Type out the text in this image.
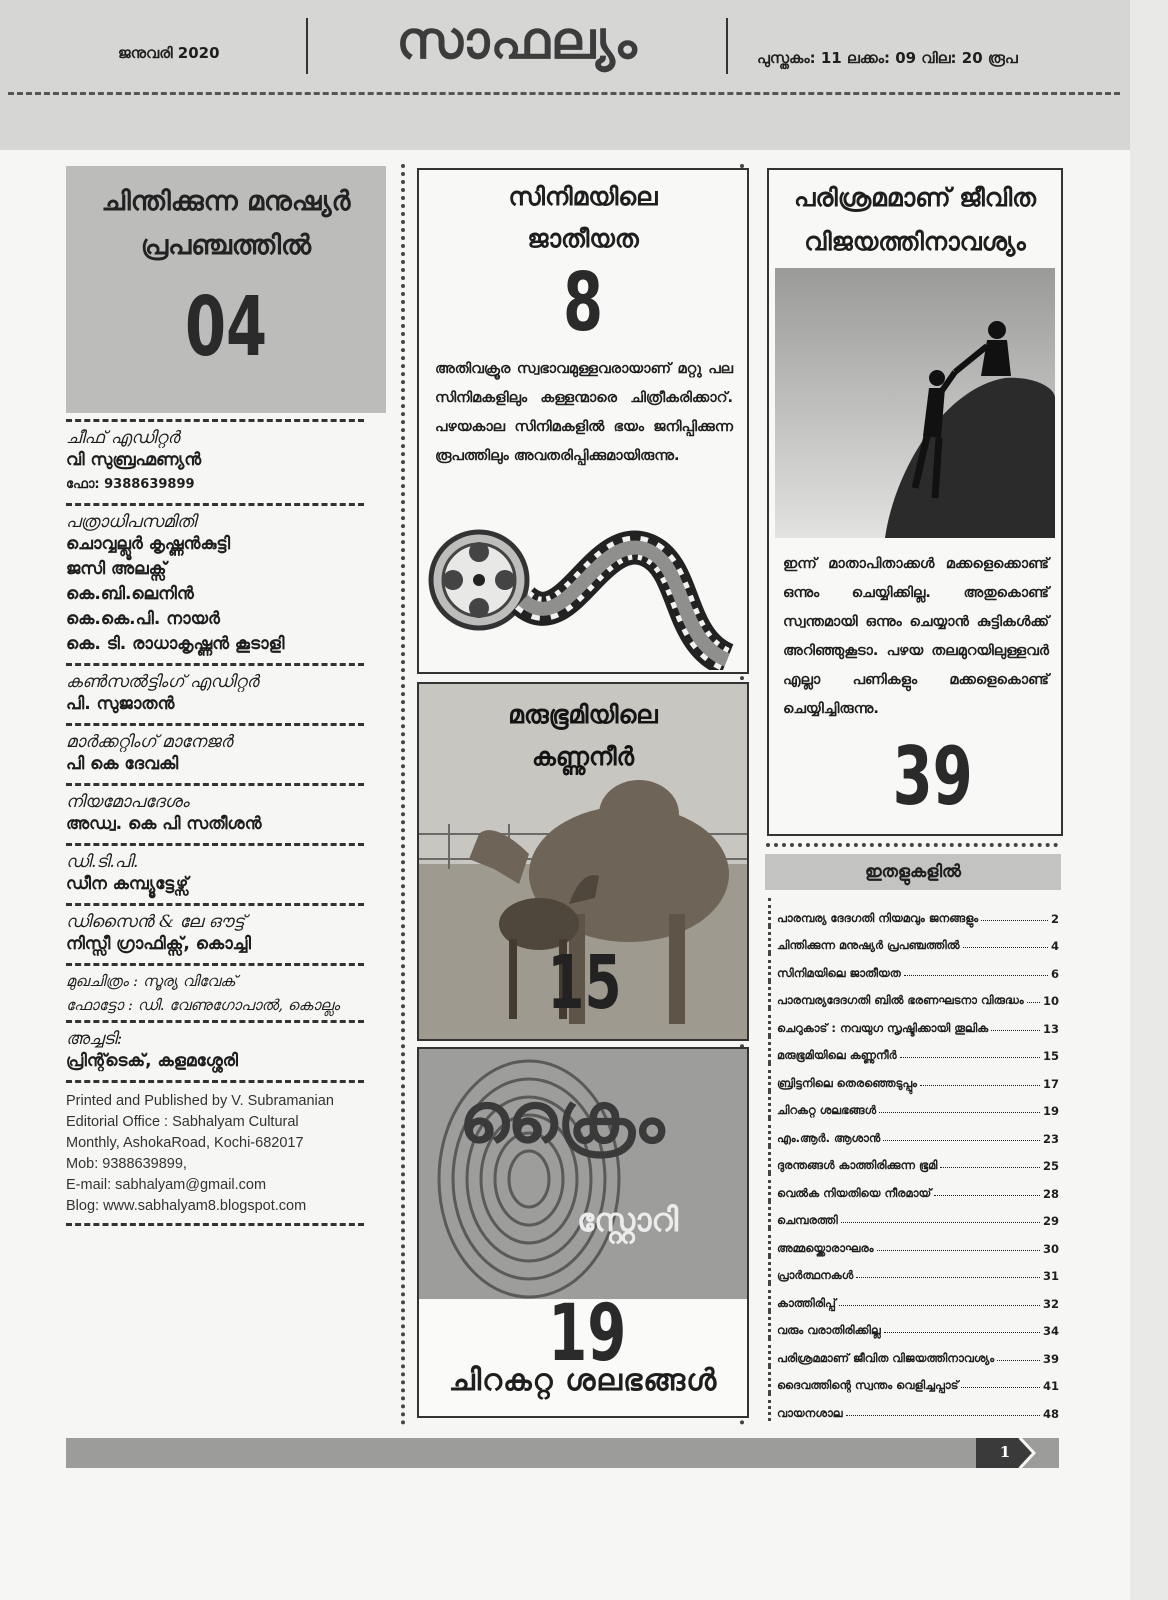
ജനുവരി 2020	സാഫല്യം	പുസ്തകം: 11 ലക്കം: 09 വില: 20 രൂപ
ചിന്തിക്കുന്ന മനുഷ്യർ പ്രപഞ്ചത്തിൽ
04
ചീഫ് എഡിറ്റർ
വി സുബ്രഹ്മണ്യൻ
ഫോ: 9388639899
പത്രാധിപസമിതി
ചൊവ്വല്ലൂർ കൃഷ്ണൻകുട്ടി
ജസി അലക്സ്
കെ.ബി.ലെനിൻ
കെ.കെ.പി. നായർ
കെ. ടി. രാധാകൃഷ്ണൻ കൂടാളി
കൺസൽട്ടിംഗ് എഡിറ്റർ
പി. സുജാതൻ
മാർക്കറ്റിംഗ് മാനേജർ
പി കെ ദേവകി
നിയമോപദേശം
അഡ്വ. കെ പി സതീശൻ
ഡി.ടി.പി.
ഡീന കമ്പ്യൂട്ടേഴ്സ്
ഡിസൈൻ & ലേ ഔട്ട്
നിസ്സീ ഗ്രാഫിക്സ്, കൊച്ചി
മുഖചിത്രം : സൂര്യ വിവേക്
ഫോട്ടോ : ഡി. വേണുഗോപാൽ, കൊല്ലം
അച്ചടി:
പ്രിന്റ്ടെക്, കളമശ്ശേരി
Printed and Published by V. Subramanian
Editorial Office : Sabhalyam Cultural
Monthly, AshokaRoad, Kochi-682017
Mob: 9388639899,
E-mail: sabhalyam@gmail.com
Blog: www.sabhalyam8.blogspot.com
സിനിമയിലെ
ജാതീയത
8
അതിവക്രൂര സ്വഭാവമുള്ളവരായാണ് മറ്റു പല സിനിമകളിലും കള്ളന്മാരെ ചിത്രീകരിക്കാറ്. പഴയകാല സിനിമകളിൽ ഭയം ജനിപ്പിക്കുന്ന രൂപത്തിലും അവതരിപ്പിക്കുമായിരുന്നു.
മരുഭൂമിയിലെ
കണ്ണുനീർ
15
ക്രൈം
സ്റ്റോറി
19
ചിറകറ്റ ശലഭങ്ങൾ
പരിശ്രമമാണ് ജീവിത
വിജയത്തിനാവശ്യം
ഇന്ന് മാതാപിതാക്കൾ മക്കളെക്കൊണ്ട് ഒന്നും ചെയ്യിക്കില്ല. അതുകൊണ്ട് സ്വന്തമായി ഒന്നും ചെയ്യാൻ കുട്ടികൾക്ക് അറിഞ്ഞുകൂടാ. പഴയ തലമുറയിലുള്ളവർ എല്ലാ പണികളും മക്കളെകൊണ്ട് ചെയ്യിച്ചിരുന്നു.
39
ഇതളുകളിൽ
പാരമ്പര്യ ദേദഗതി നിയമവും ജനങ്ങളും	2
ചിന്തിക്കുന്ന മനുഷ്യർ പ്രപഞ്ചത്തിൽ	4
സിനിമയിലെ ജാതീയത	6
പാരമ്പര്യദേദഗതി ബിൽ ഭരണഘടനാ വിരുദ്ധം 10
ചെറുകാട് : നവയുഗ സൃഷ്ടിക്കായി തൂലിക	13
മരുഭൂമിയിലെ കണ്ണുനീർ	15
ബ്രിട്ടനിലെ തെരഞ്ഞെടുപ്പും	17
ചിറകറ്റ ശലഭങ്ങൾ	19
എം.ആർ. ആശാൻ	23
ദുരന്തങ്ങൾ കാത്തിരിക്കുന്ന ഭൂമി	25
വെൽക നിയതിയെ നീരമായ്	28
ചെമ്പരത്തി	29
അമ്മയ്ക്കൊരാഘരം	30
പ്രാർത്ഥനകൾ	31
കാത്തിരിപ്പ്	32
വരും വരാതിരിക്കില്ല	34
പരിശ്രമമാണ് ജീവിത വിജയത്തിനാവശ്യം	39
ദൈവത്തിന്റെ സ്വന്തം വെളിച്ചപ്പാട്	41
വായനശാല	48
1
